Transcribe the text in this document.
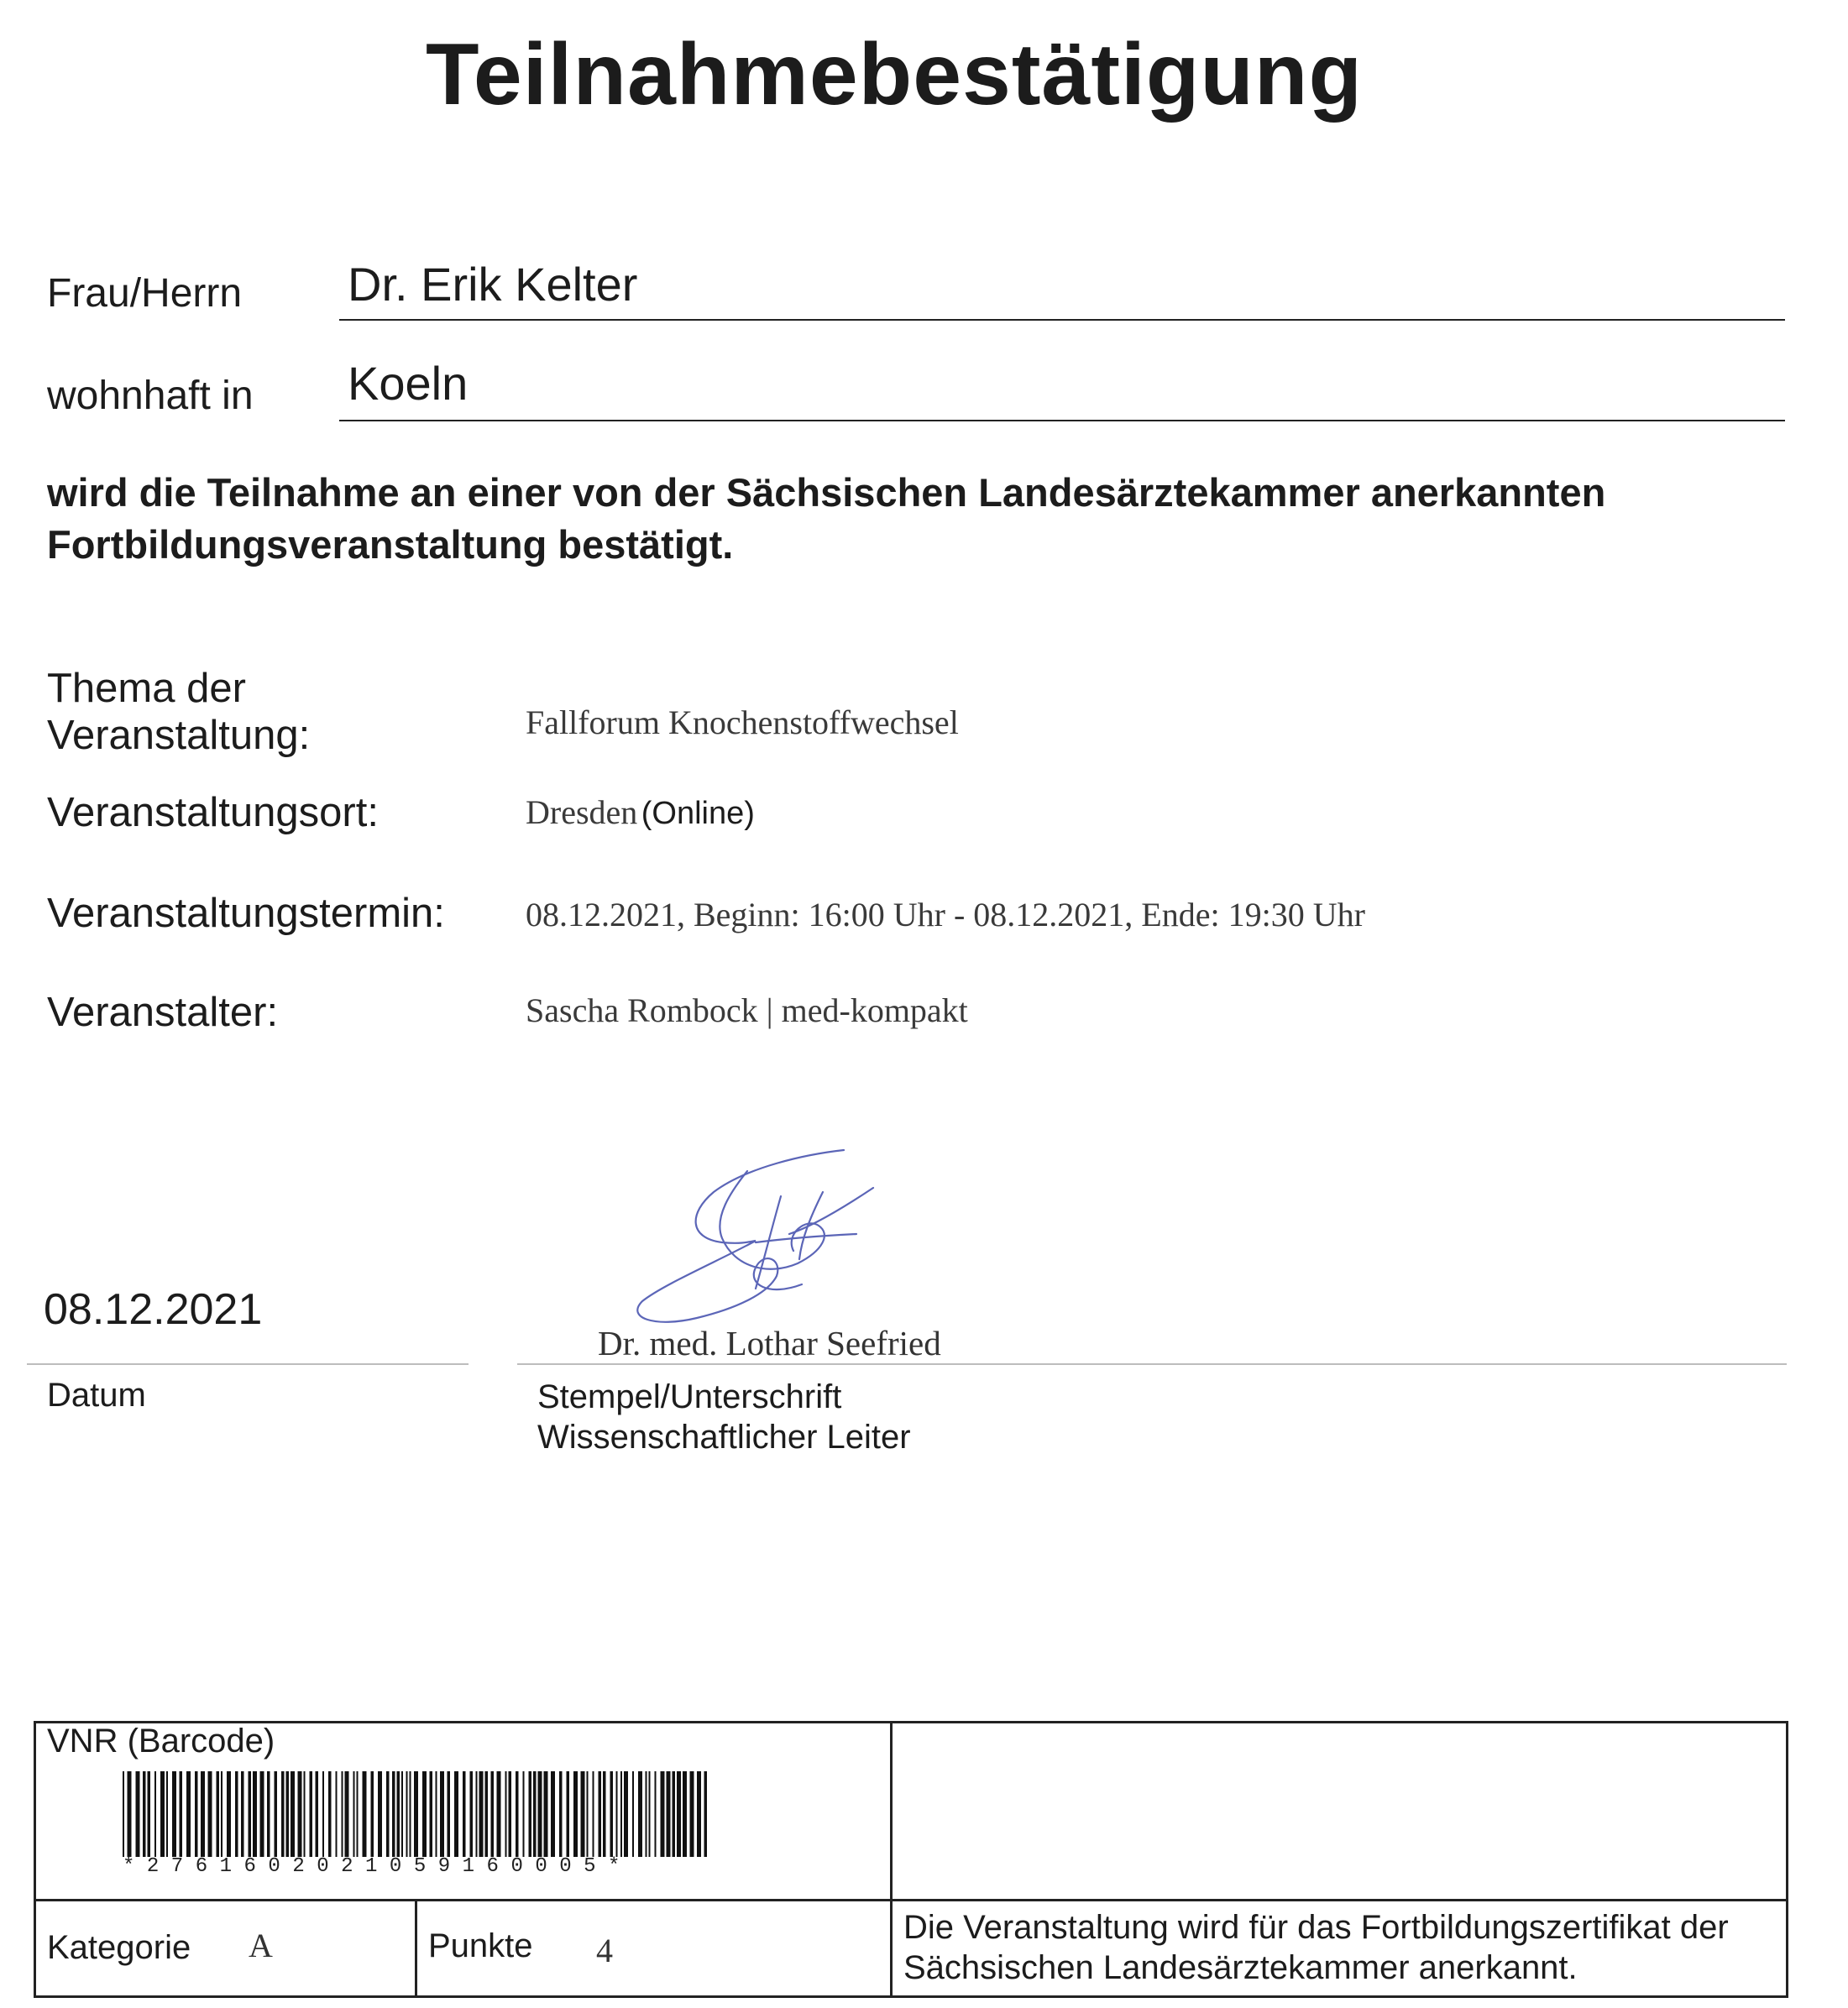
Teilnahmebestätigung
Frau/Herrn Dr. Erik Kelter
wohnhaft in Koeln
wird die Teilnahme an einer von der Sächsischen Landesärztekammer anerkannten Fortbildungsveranstaltung bestätigt.
Thema der
Veranstaltung:	Fallforum Knochenstoffwechsel
Veranstaltungsort:	Dresden (Online)
Veranstaltungstermin: 08.12.2021, Beginn: 16:00 Uhr - 08.12.2021, Ende: 19:30 Uhr
Veranstalter:	Sascha Rombock | med-kompakt
Dr. med. Lothar Seefried
08.12.2021
Datum	Stempel/Unterschrift
Wissenschaftlicher Leiter
VNR (Barcode)
*2761602021059160005*
Kategorie A	Punkte 4
Die Veranstaltung wird für das Fortbildungszertifikat der
Sächsischen Landesärztekammer anerkannt.
